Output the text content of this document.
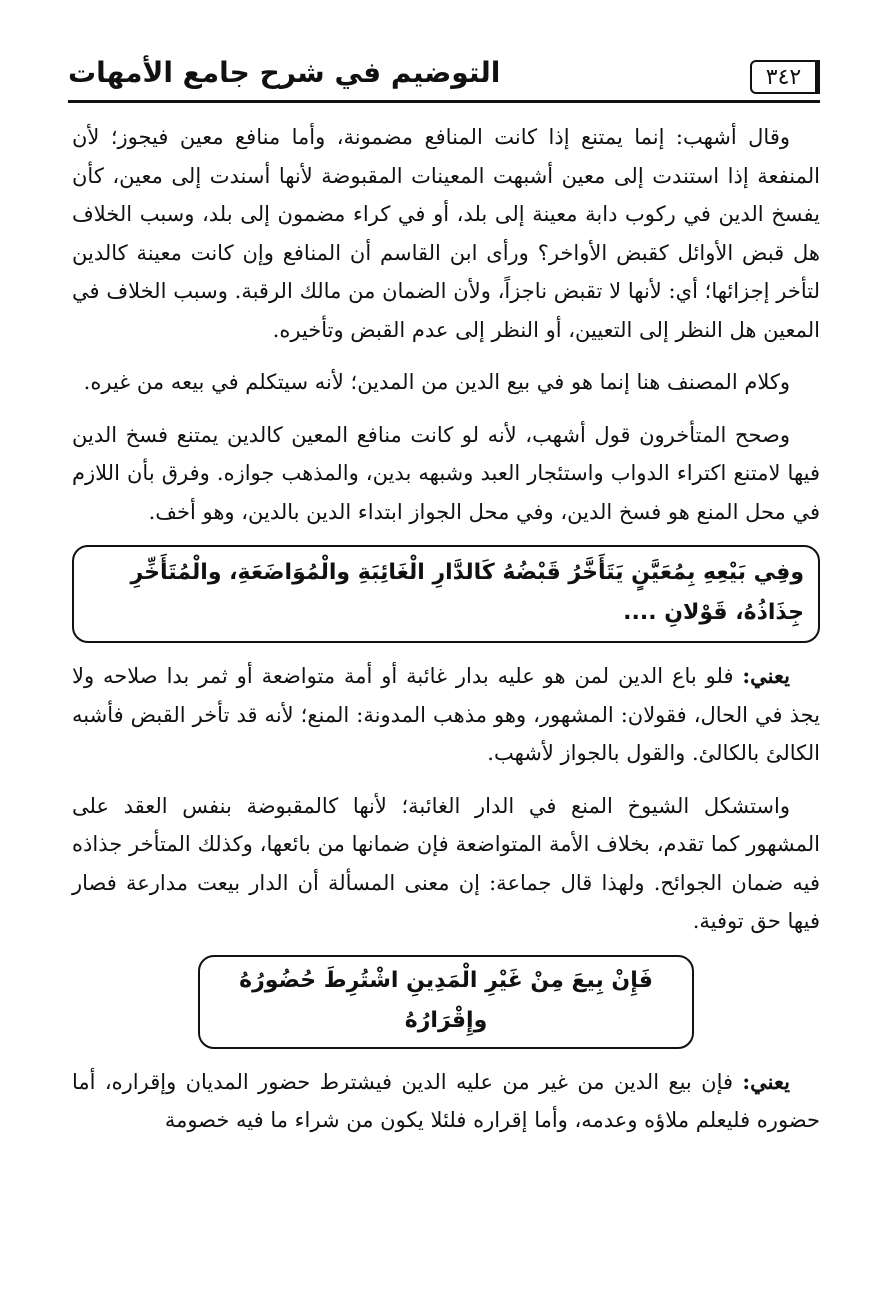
٣٤٢
التوضيم في شرح جامع الأمهات

وقال أشهب: إنما يمتنع إذا كانت المنافع مضمونة، وأما منافع معين فيجوز؛ لأن المنفعة إذا استندت إلى معين أشبهت المعينات المقبوضة لأنها أسندت إلى معين، كأن يفسخ الدين في ركوب دابة معينة إلى بلد، أو في كراء مضمون إلى بلد، وسبب الخلاف هل قبض الأوائل كقبض الأواخر؟ ورأى ابن القاسم أن المنافع وإن كانت معينة كالدين لتأخر إجزائها؛ أي: لأنها لا تقبض ناجزاً، ولأن الضمان من مالك الرقبة. وسبب الخلاف في المعين هل النظر إلى التعيين، أو النظر إلى عدم القبض وتأخيره.

وكلام المصنف هنا إنما هو في بيع الدين من المدين؛ لأنه سيتكلم في بيعه من غيره.

وصحح المتأخرون قول أشهب، لأنه لو كانت منافع المعين كالدين يمتنع فسخ الدين فيها لامتنع اكتراء الدواب واستئجار العبد وشبهه بدين، والمذهب جوازه. وفرق بأن اللازم في محل المنع هو فسخ الدين، وفي محل الجواز ابتداء الدين بالدين، وهو أخف.

وفِي بَيْعِهِ بِمُعَيَّنٍ يَتَأَخَّرُ قَبْضُهُ كَالدَّارِ الْغَائِبَةِ والْمُوَاضَعَةِ، والْمُتَأَخِّرِ جِذَاذُهُ، قَوْلانِ ....

يعني: فلو باع الدين لمن هو عليه بدار غائبة أو أمة متواضعة أو ثمر بدا صلاحه ولا يجذ في الحال، فقولان: المشهور، وهو مذهب المدونة: المنع؛ لأنه قد تأخر القبض فأشبه الكالئ بالكالئ. والقول بالجواز لأشهب.

واستشكل الشيوخ المنع في الدار الغائبة؛ لأنها كالمقبوضة بنفس العقد على المشهور كما تقدم، بخلاف الأمة المتواضعة فإن ضمانها من بائعها، وكذلك المتأخر جذاذه فيه ضمان الجوائح. ولهذا قال جماعة: إن معنى المسألة أن الدار بيعت مدارعة فصار فيها حق توفية.

فَإِنْ بِيعَ مِنْ غَيْرِ الْمَدِينِ اشْتُرِطَ حُضُورُهُ وإِقْرَارُهُ

يعني: فإن بيع الدين من غير من عليه الدين فيشترط حضور المديان وإقراره، أما حضوره فليعلم ملاؤه وعدمه، وأما إقراره فلئلا يكون من شراء ما فيه خصومة
